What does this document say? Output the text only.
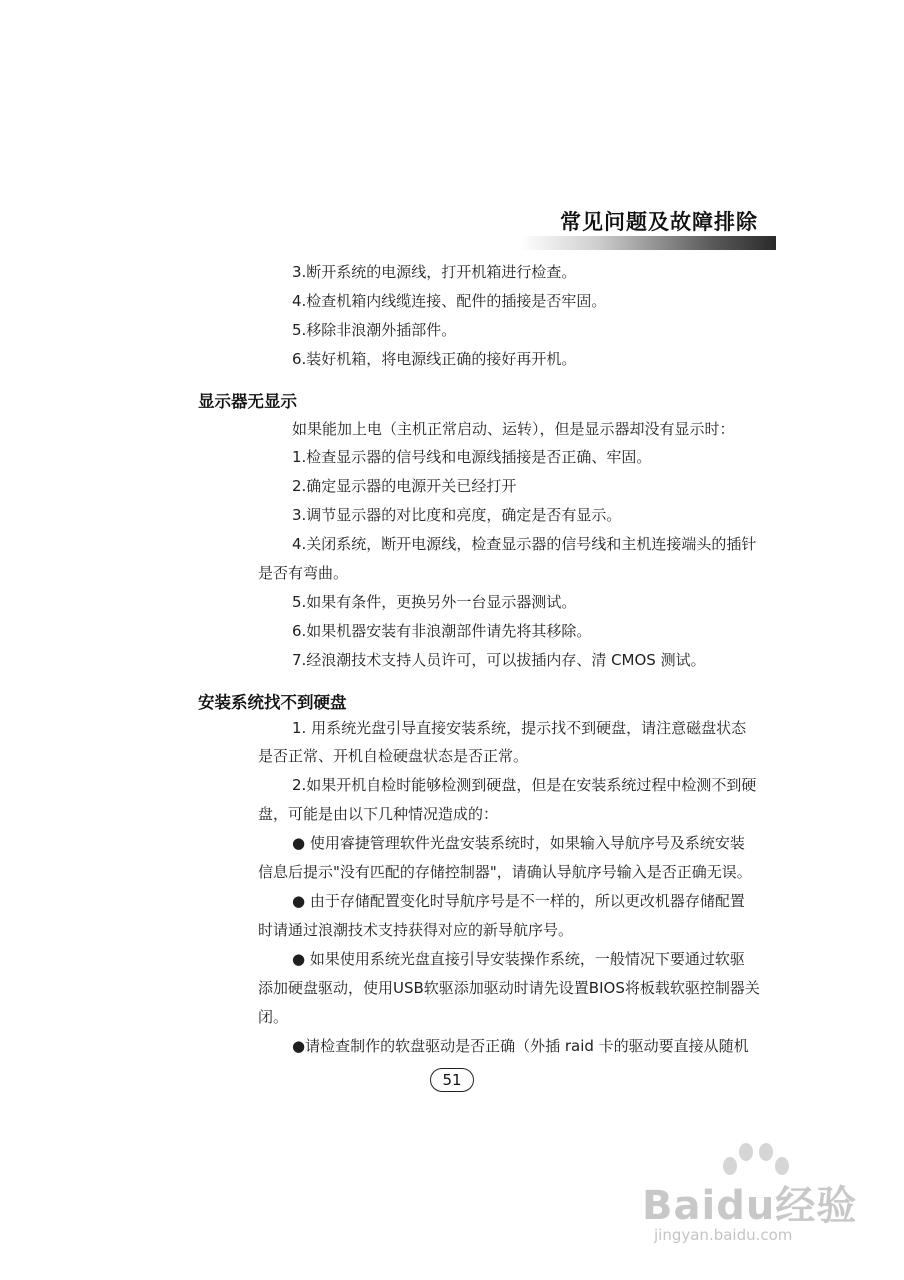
常见问题及故障排除
3.断开系统的电源线，打开机箱进行检查。
4.检查机箱内线缆连接、配件的插接是否牢固。
5.移除非浪潮外插部件。
6.装好机箱，将电源线正确的接好再开机。
显示器无显示
如果能加上电（主机正常启动、运转），但是显示器却没有显示时：
1.检查显示器的信号线和电源线插接是否正确、牢固。
2.确定显示器的电源开关已经打开
3.调节显示器的对比度和亮度，确定是否有显示。
4.关闭系统，断开电源线，检查显示器的信号线和主机连接端头的插针
是否有弯曲。
5.如果有条件，更换另外一台显示器测试。
6.如果机器安装有非浪潮部件请先将其移除。
7.经浪潮技术支持人员许可，可以拔插内存、清 CMOS 测试。
安装系统找不到硬盘
1. 用系统光盘引导直接安装系统，提示找不到硬盘，请注意磁盘状态
是否正常、开机自检硬盘状态是否正常。
2.如果开机自检时能够检测到硬盘，但是在安装系统过程中检测不到硬
盘，可能是由以下几种情况造成的：
● 使用睿捷管理软件光盘安装系统时，如果输入导航序号及系统安装
信息后提示"没有匹配的存储控制器"，请确认导航序号输入是否正确无误。
● 由于存储配置变化时导航序号是不一样的，所以更改机器存储配置
时请通过浪潮技术支持获得对应的新导航序号。
● 如果使用系统光盘直接引导安装操作系统，一般情况下要通过软驱
添加硬盘驱动，使用USB软驱添加驱动时请先设置BIOS将板载软驱控制器关
闭。
●请检查制作的软盘驱动是否正确（外插 raid 卡的驱动要直接从随机
51
Baidu经验
jingyan.baidu.com
